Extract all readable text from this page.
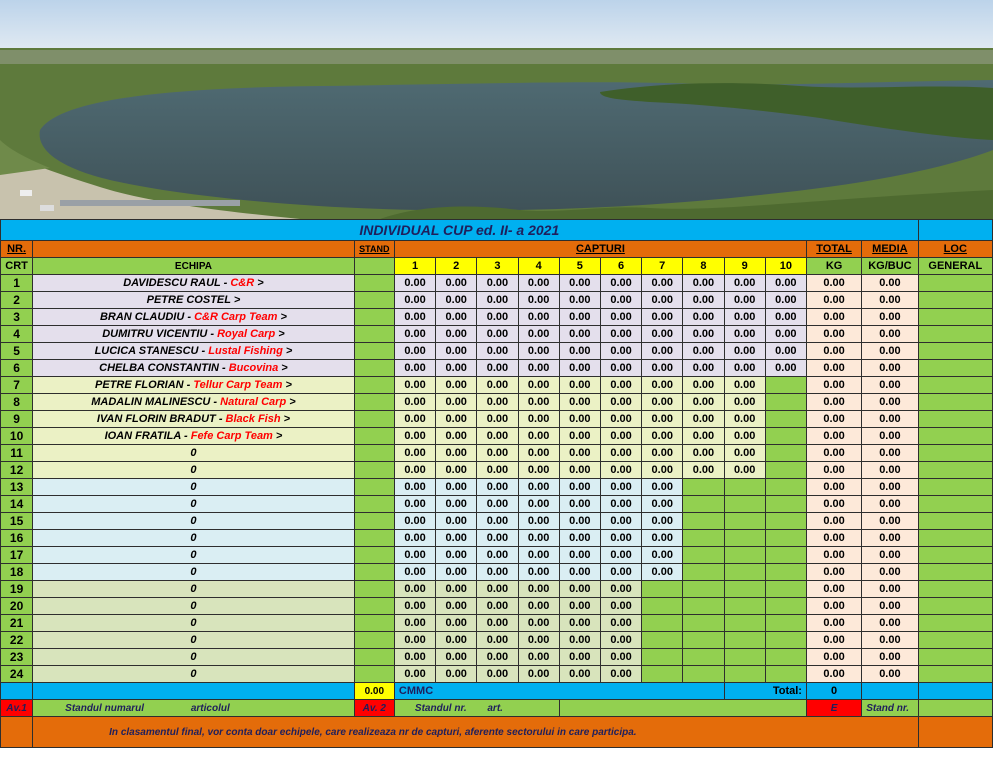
INDIVIDUAL CUP ed. II- a 2021															
NR.		STAND	CAPTURI										TOTAL	MEDIA	LOC
CRT	ECHIPA		1	2	3	4	5	6	7	8	9	10	KG	KG/BUC	GENERAL
1	DAVIDESCU RAUL - C&R >		0.00	0.00	0.00	0.00	0.00	0.00	0.00	0.00	0.00	0.00	0.00	0.00	
2	PETRE COSTEL >		0.00	0.00	0.00	0.00	0.00	0.00	0.00	0.00	0.00	0.00	0.00	0.00	
3	BRAN CLAUDIU - C&R Carp Team >		0.00	0.00	0.00	0.00	0.00	0.00	0.00	0.00	0.00	0.00	0.00	0.00	
4	DUMITRU VICENTIU - Royal Carp >		0.00	0.00	0.00	0.00	0.00	0.00	0.00	0.00	0.00	0.00	0.00	0.00	
5	LUCICA STANESCU - Lustal Fishing >		0.00	0.00	0.00	0.00	0.00	0.00	0.00	0.00	0.00	0.00	0.00	0.00	
6	CHELBA CONSTANTIN - Bucovina >		0.00	0.00	0.00	0.00	0.00	0.00	0.00	0.00	0.00	0.00	0.00	0.00	
7	PETRE FLORIAN - Tellur Carp Team >		0.00	0.00	0.00	0.00	0.00	0.00	0.00	0.00	0.00		0.00	0.00	
8	MADALIN MALINESCU - Natural Carp >		0.00	0.00	0.00	0.00	0.00	0.00	0.00	0.00	0.00		0.00	0.00	
9	IVAN FLORIN BRADUT - Black Fish >		0.00	0.00	0.00	0.00	0.00	0.00	0.00	0.00	0.00		0.00	0.00	
10	IOAN FRATILA - Fefe Carp Team >		0.00	0.00	0.00	0.00	0.00	0.00	0.00	0.00	0.00		0.00	0.00	
11	0		0.00	0.00	0.00	0.00	0.00	0.00	0.00	0.00	0.00		0.00	0.00	
12	0		0.00	0.00	0.00	0.00	0.00	0.00	0.00	0.00	0.00		0.00	0.00	
13	0		0.00	0.00	0.00	0.00	0.00	0.00	0.00				0.00	0.00	
14	0		0.00	0.00	0.00	0.00	0.00	0.00	0.00				0.00	0.00	
15	0		0.00	0.00	0.00	0.00	0.00	0.00	0.00				0.00	0.00	
16	0		0.00	0.00	0.00	0.00	0.00	0.00	0.00				0.00	0.00	
17	0		0.00	0.00	0.00	0.00	0.00	0.00	0.00				0.00	0.00	
18	0		0.00	0.00	0.00	0.00	0.00	0.00	0.00				0.00	0.00	
19	0		0.00	0.00	0.00	0.00	0.00	0.00					0.00	0.00	
20	0		0.00	0.00	0.00	0.00	0.00	0.00					0.00	0.00	
21	0		0.00	0.00	0.00	0.00	0.00	0.00					0.00	0.00	
22	0		0.00	0.00	0.00	0.00	0.00	0.00					0.00	0.00	
23	0		0.00	0.00	0.00	0.00	0.00	0.00					0.00	0.00	
24	0		0.00	0.00	0.00	0.00	0.00	0.00					0.00	0.00	
		0.00	CMMC								Total:		0		
Av.1	Standul numarul articolul	Av. 2	Standul nr. art.										E	Stand nr.	
	In clasamentul final, vor conta doar echipele, care realizeaza nr de capturi, aferente sectorului in care participa.														
